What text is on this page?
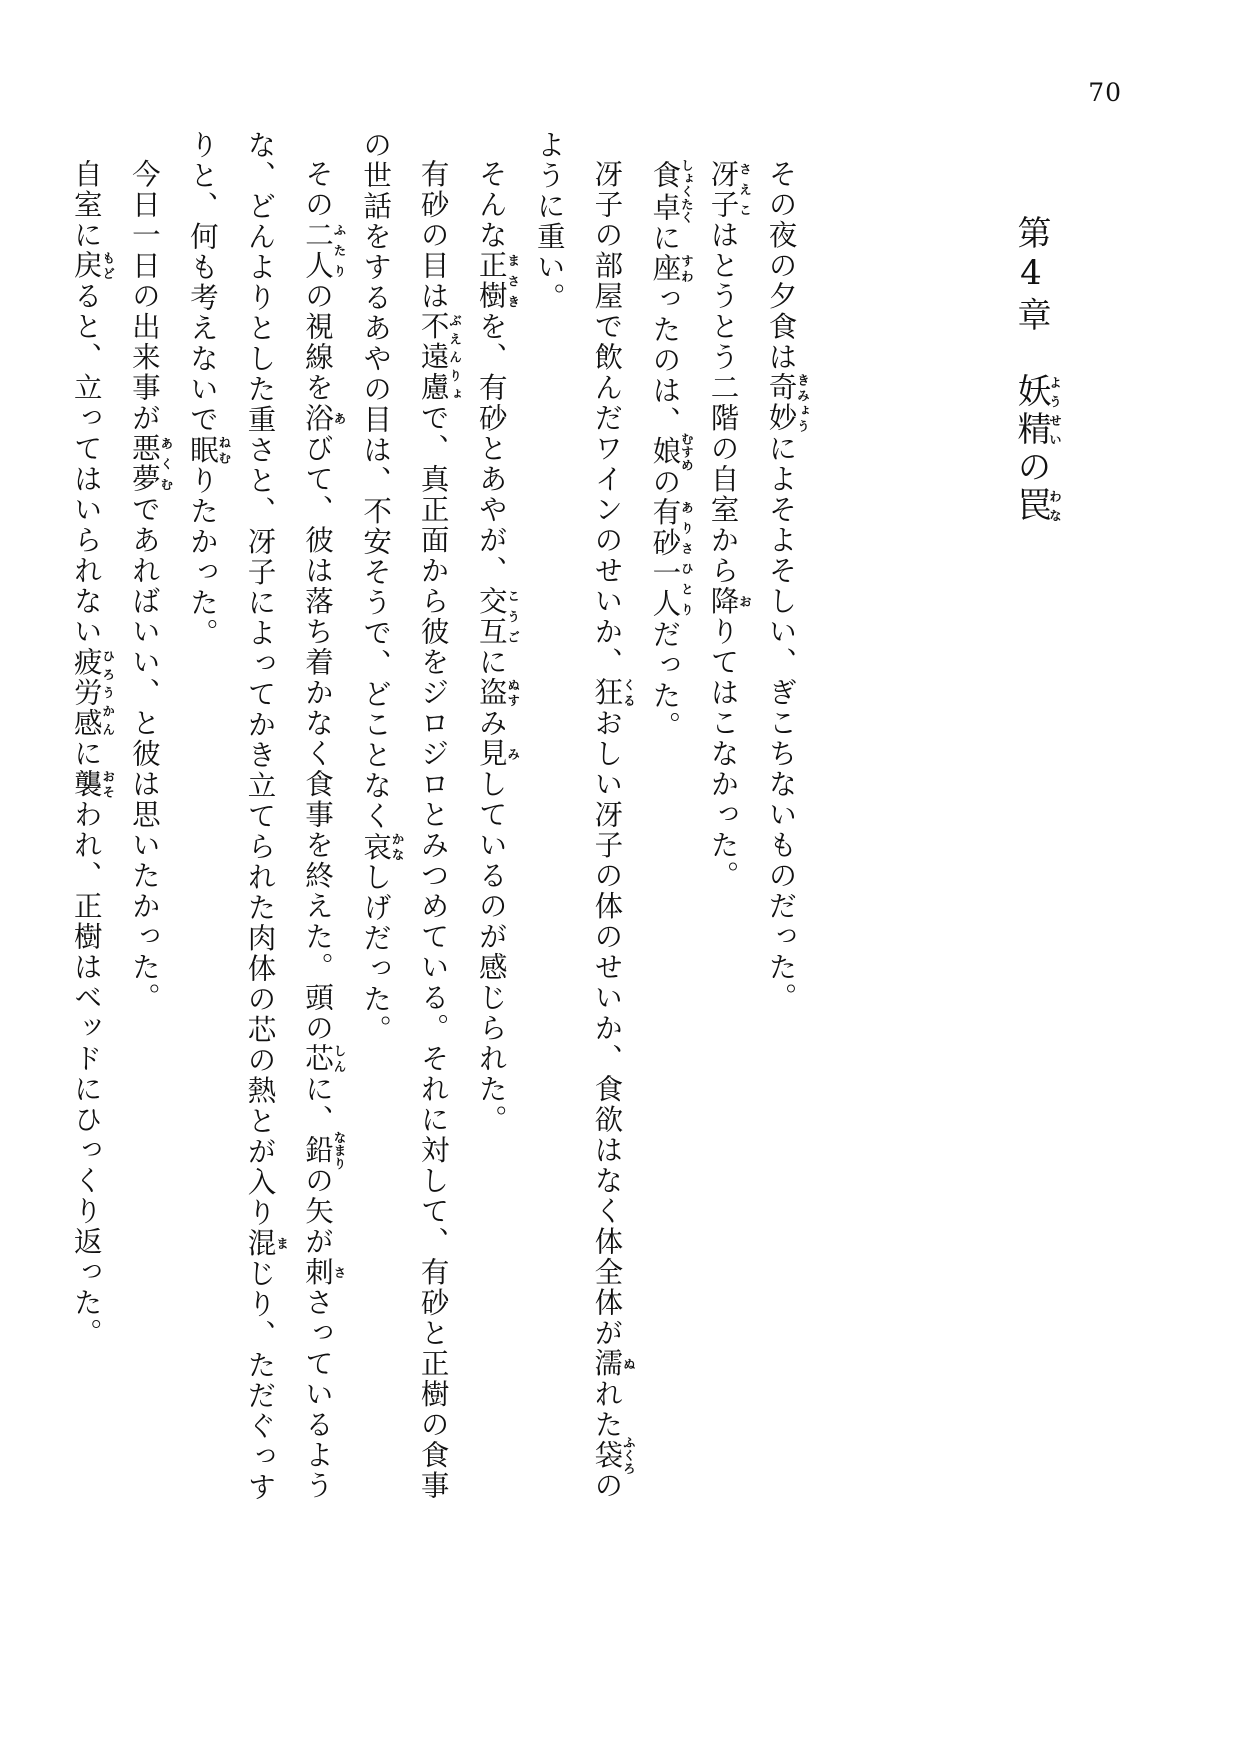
70
第4章　妖精ようせいの罠わな

その夜の夕食は奇妙きみょうによそよそしい、ぎこちないものだった。

冴子さえこはとうとう二階の自室から降おりてはこなかった。

食卓しょくたくに座すわったのは、娘むすめの有砂ありさ一人ひとりだった。

冴子の部屋で飲んだワインのせいか、狂くるおしい冴子の体のせいか、食欲はなく体全体が濡ぬれた袋ふくろのように重い。

そんな正樹まさきを、有砂とあやが、交互こうごに盗ぬすみ見みしているのが感じられた。

有砂の目は不遠慮ぶえんりょで、真正面から彼をジロジロとみつめている。それに対して、有砂と正樹の食事の世話をするあやの目は、不安そうで、どことなく哀かなしげだった。

その二人ふたりの視線を浴あびて、彼は落ち着かなく食事を終えた。頭の芯しんに、鉛なまりの矢が刺ささっているような、どんよりとした重さと、冴子によってかき立てられた肉体の芯の熱とが入り混まじり、ただぐっすりと、何も考えないで眠ねむりたかった。

今日一日の出来事が悪夢あくむであればいい、と彼は思いたかった。

自室に戻もどると、立ってはいられない疲労感ひろうかんに襲おそわれ、正樹はベッドにひっくり返った。
